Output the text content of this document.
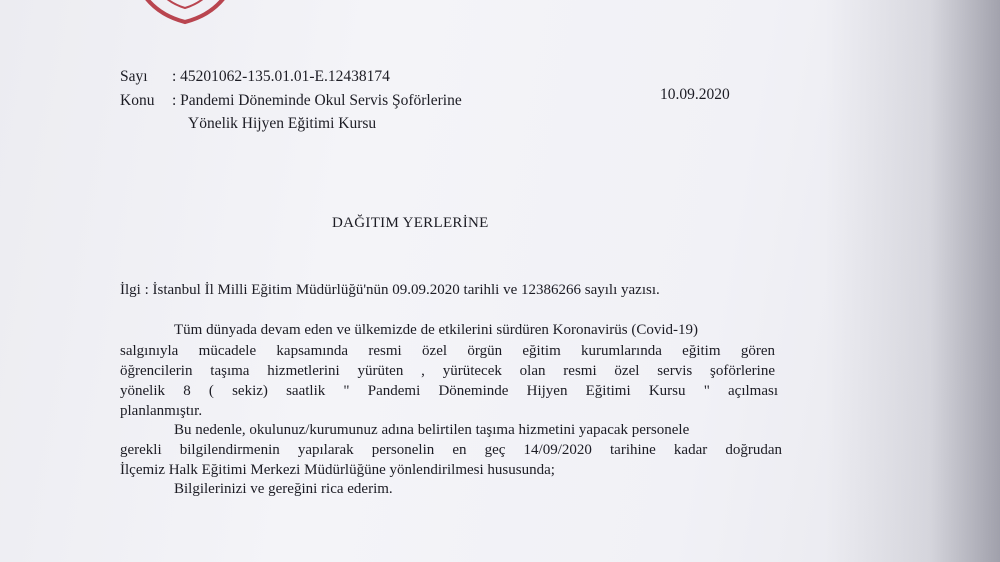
Sayı : 45201062-135.01.01-E.12438174
Konu : Pandemi Döneminde Okul Servis Şoförlerine
Yönelik Hijyen Eğitimi Kursu
10.09.2020
DAĞITIM YERLERİNE
İlgi : İstanbul İl Milli Eğitim Müdürlüğü'nün 09.09.2020 tarihli ve 12386266 sayılı yazısı.
Tüm dünyada devam eden ve ülkemizde de etkilerini sürdüren Koronavirüs (Covid-19)
salgınıyla mücadele kapsamında resmi özel örgün eğitim kurumlarında eğitim gören
öğrencilerin taşıma hizmetlerini yürüten , yürütecek olan resmi özel servis şoförlerine
yönelik 8 ( sekiz) saatlik " Pandemi Döneminde Hijyen Eğitimi Kursu " açılması
planlanmıştır.
Bu nedenle, okulunuz/kurumunuz adına belirtilen taşıma hizmetini yapacak personele
gerekli bilgilendirmenin yapılarak personelin en geç 14/09/2020 tarihine kadar doğrudan
İlçemiz Halk Eğitimi Merkezi Müdürlüğüne yönlendirilmesi hususunda;
Bilgilerinizi ve gereğini rica ederim.
